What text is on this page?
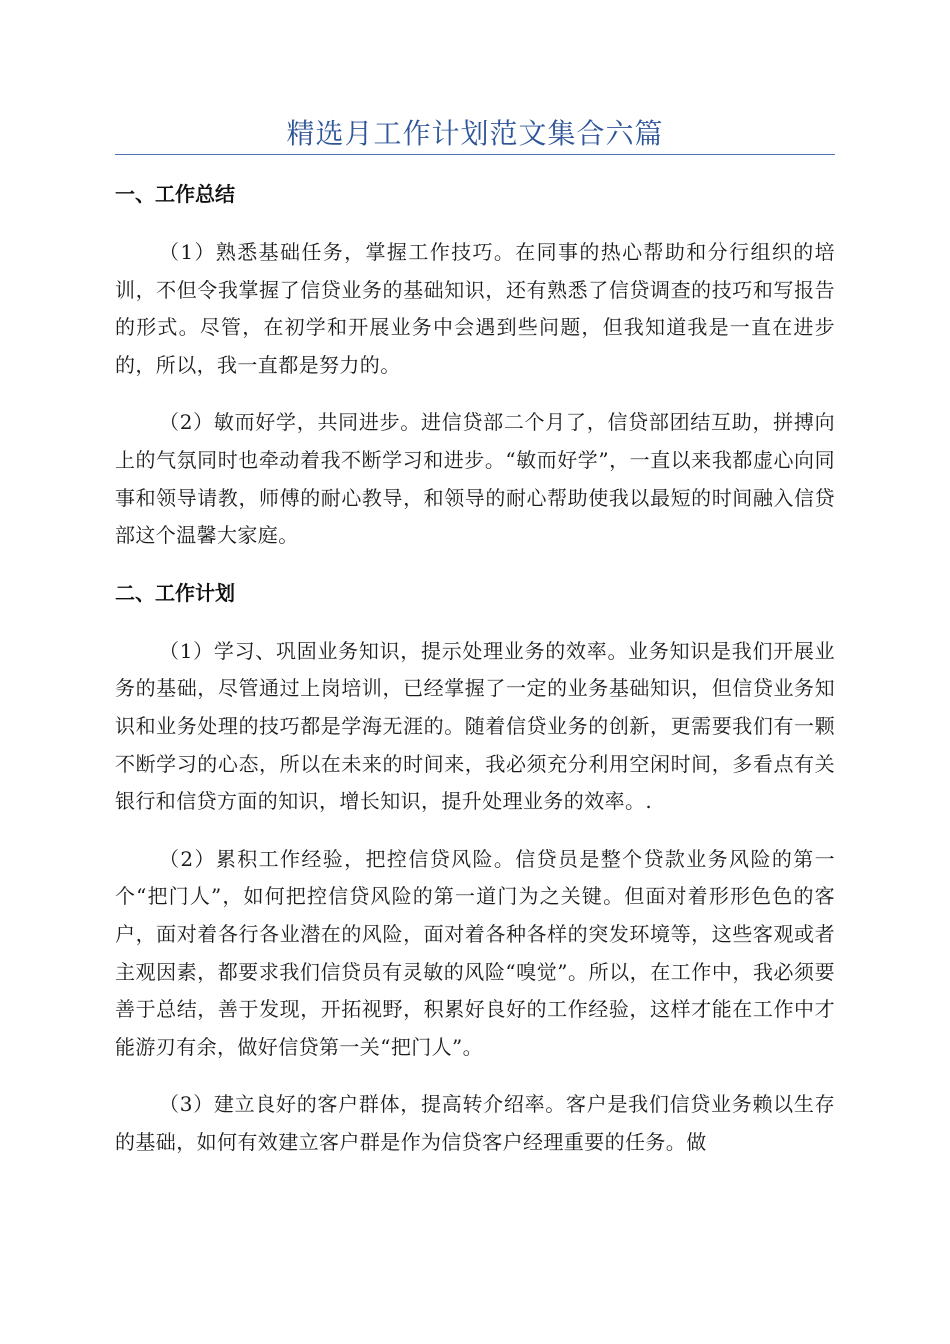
精选月工作计划范文集合六篇
一、工作总结

（1）熟悉基础任务，掌握工作技巧。在同事的热心帮助和分行组织的培训，不但令我掌握了信贷业务的基础知识，还有熟悉了信贷调查的技巧和写报告的形式。尽管，在初学和开展业务中会遇到些问题，但我知道我是一直在进步的，所以，我一直都是努力的。

（2）敏而好学，共同进步。进信贷部二个月了，信贷部团结互助，拼搏向上的气氛同时也牵动着我不断学习和进步。“敏而好学”，一直以来我都虚心向同事和领导请教，师傅的耐心教导，和领导的耐心帮助使我以最短的时间融入信贷部这个温馨大家庭。

二、工作计划

（1）学习、巩固业务知识，提示处理业务的效率。业务知识是我们开展业务的基础，尽管通过上岗培训，已经掌握了一定的业务基础知识，但信贷业务知识和业务处理的技巧都是学海无涯的。随着信贷业务的创新，更需要我们有一颗不断学习的心态，所以在未来的时间来，我必须充分利用空闲时间，多看点有关银行和信贷方面的知识，增长知识，提升处理业务的效率。.

（2）累积工作经验，把控信贷风险。信贷员是整个贷款业务风险的第一个“把门人”，如何把控信贷风险的第一道门为之关键。但面对着形形色色的客户，面对着各行各业潜在的风险，面对着各种各样的突发环境等，这些客观或者主观因素，都要求我们信贷员有灵敏的风险“嗅觉”。所以，在工作中，我必须要善于总结，善于发现，开拓视野，积累好良好的工作经验，这样才能在工作中才能游刃有余，做好信贷第一关“把门人”。

（3）建立良好的客户群体，提高转介绍率。客户是我们信贷业务赖以生存的基础，如何有效建立客户群是作为信贷客户经理重要的任务。做
